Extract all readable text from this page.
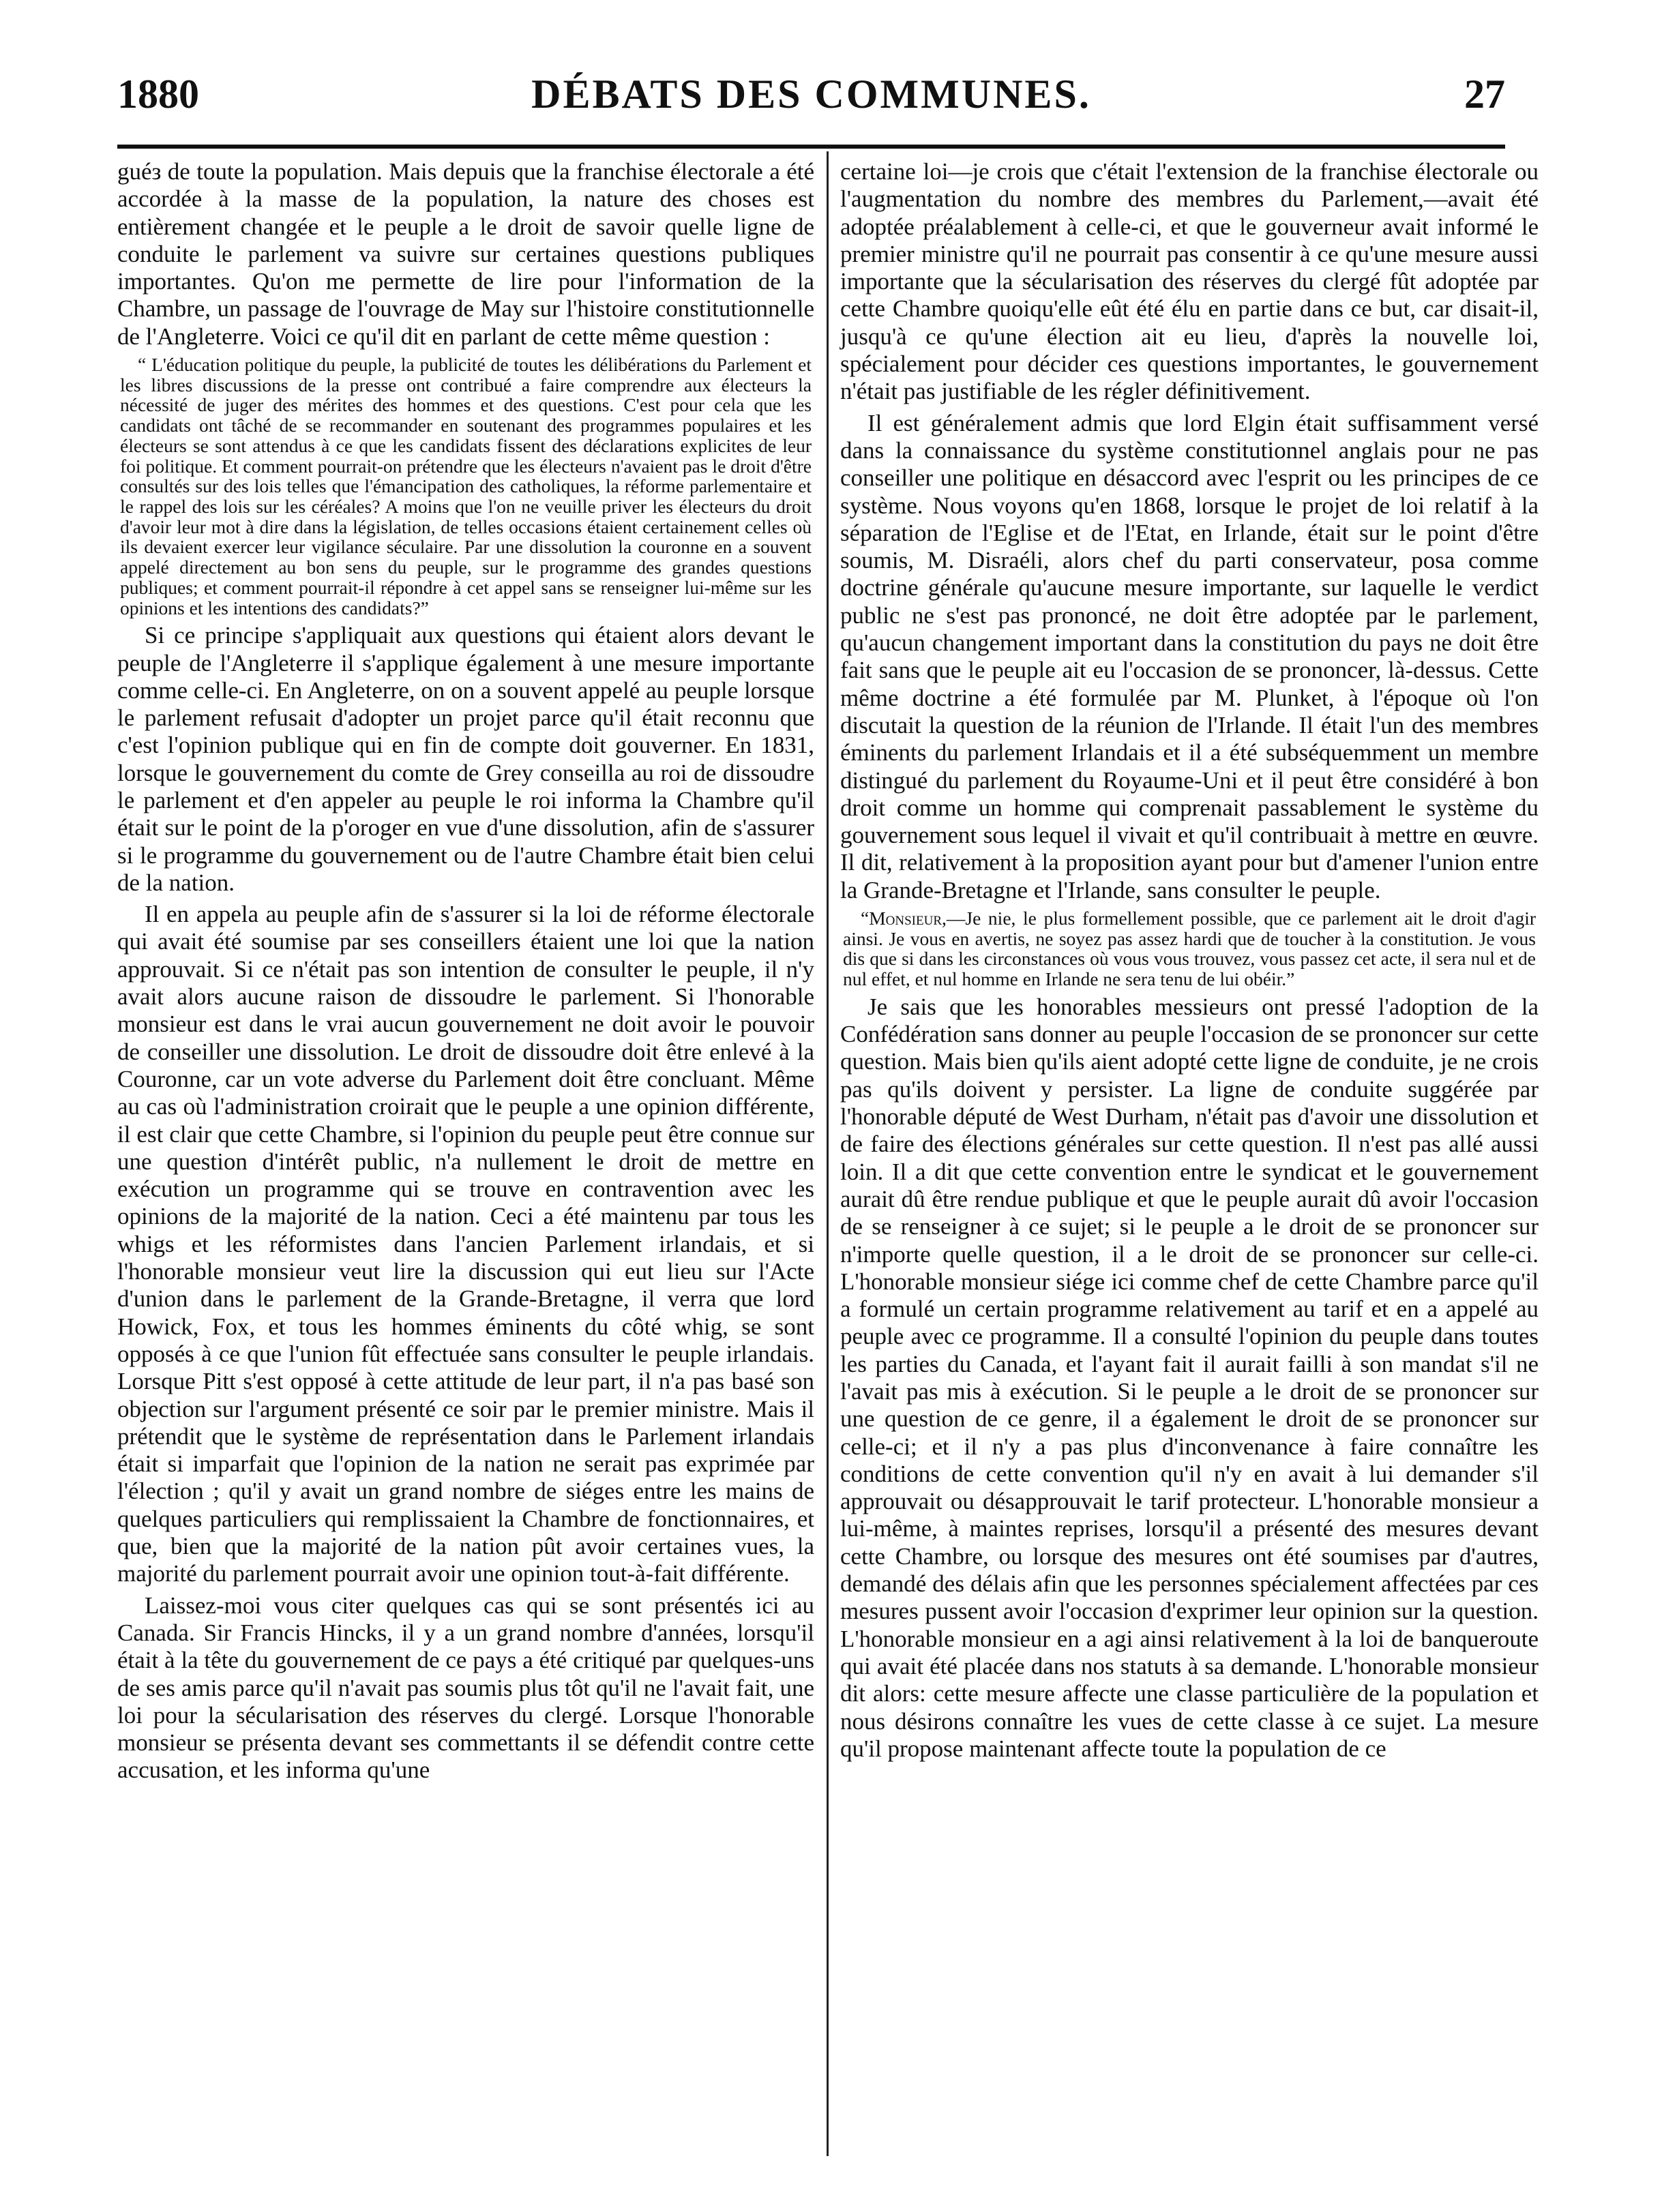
1880	DÉBATS DES COMMUNES.	27

guéз de toute la population. Mais depuis que la franchise électorale a été accordée à la masse de la population, la nature des choses est entièrement changée et le peuple a le droit de savoir quelle ligne de conduite le parlement va suivre sur certaines questions publiques importantes. Qu'on me permette de lire pour l'information de la Chambre, un passage de l'ouvrage de May sur l'histoire constitutionnelle de l'Angleterre. Voici ce qu'il dit en parlant de cette même question :

“ L'éducation politique du peuple, la publicité de toutes les délibérations du Parlement et les libres discussions de la presse ont contribué a faire comprendre aux électeurs la nécessité de juger des mérites des hommes et des questions. C'est pour cela que les candidats ont tâché de se recommander en soutenant des programmes populaires et les électeurs se sont attendus à ce que les candidats fissent des déclarations explicites de leur foi politique. Et comment pourrait-on prétendre que les électeurs n'avaient pas le droit d'être consultés sur des lois telles que l'émancipation des catholiques, la réforme parlementaire et le rappel des lois sur les céréales? A moins que l'on ne veuille priver les électeurs du droit d'avoir leur mot à dire dans la législation, de telles occasions étaient certainement celles où ils devaient exercer leur vigilance séculaire. Par une dissolution la couronne en a souvent appelé directement au bon sens du peuple, sur le programme des grandes questions publiques; et comment pourrait-il répondre à cet appel sans se renseigner lui-même sur les opinions et les intentions des candidats?”

Si ce principe s'appliquait aux questions qui étaient alors devant le peuple de l'Angleterre il s'applique également à une mesure importante comme celle-ci. En Angleterre, on on a souvent appelé au peuple lorsque le parlement refusait d'adopter un projet parce qu'il était reconnu que c'est l'opinion publique qui en fin de compte doit gouverner. En 1831, lorsque le gouvernement du comte de Grey conseilla au roi de dissoudre le parlement et d'en appeler au peuple le roi informa la Chambre qu'il était sur le point de la p'oroger en vue d'une dissolution, afin de s'assurer si le programme du gouvernement ou de l'autre Chambre était bien celui de la nation.

Il en appela au peuple afin de s'assurer si la loi de réforme électorale qui avait été soumise par ses conseillers étaient une loi que la nation approuvait. Si ce n'était pas son intention de consulter le peuple, il n'y avait alors aucune raison de dissoudre le parlement. Si l'honorable monsieur est dans le vrai aucun gouvernement ne doit avoir le pouvoir de conseiller une dissolution. Le droit de dissoudre doit être enlevé à la Couronne, car un vote adverse du Parlement doit être concluant. Même au cas où l'administration croirait que le peuple a une opinion différente, il est clair que cette Chambre, si l'opinion du peuple peut être connue sur une question d'intérêt public, n'a nullement le droit de mettre en exécution un programme qui se trouve en contravention avec les opinions de la majorité de la nation. Ceci a été maintenu par tous les whigs et les réformistes dans l'ancien Parlement irlandais, et si l'honorable monsieur veut lire la discussion qui eut lieu sur l'Acte d'union dans le parlement de la Grande-Bretagne, il verra que lord Howick, Fox, et tous les hommes éminents du côté whig, se sont opposés à ce que l'union fût effectuée sans consulter le peuple irlandais. Lorsque Pitt s'est opposé à cette attitude de leur part, il n'a pas basé son objection sur l'argument présenté ce soir par le premier ministre. Mais il prétendit que le système de représentation dans le Parlement irlandais était si imparfait que l'opinion de la nation ne serait pas exprimée par l'élection ; qu'il y avait un grand nombre de siéges entre les mains de quelques particuliers qui remplissaient la Chambre de fonctionnaires, et que, bien que la majorité de la nation pût avoir certaines vues, la majorité du parlement pourrait avoir une opinion tout-à-fait différente.

Laissez-moi vous citer quelques cas qui se sont présentés ici au Canada. Sir Francis Hincks, il y a un grand nombre d'années, lorsqu'il était à la tête du gouvernement de ce pays a été critiqué par quelques-uns de ses amis parce qu'il n'avait pas soumis plus tôt qu'il ne l'avait fait, une loi pour la sécularisation des réserves du clergé. Lorsque l'honorable monsieur se présenta devant ses commettants il se défendit contre cette accusation, et les informa qu'une

certaine loi—je crois que c'était l'extension de la franchise électorale ou l'augmentation du nombre des membres du Parlement,—avait été adoptée préalablement à celle-ci, et que le gouverneur avait informé le premier ministre qu'il ne pourrait pas consentir à ce qu'une mesure aussi importante que la sécularisation des réserves du clergé fût adoptée par cette Chambre quoiqu'elle eût été élu en partie dans ce but, car disait-il, jusqu'à ce qu'une élection ait eu lieu, d'après la nouvelle loi, spécialement pour décider ces questions importantes, le gouvernement n'était pas justifiable de les régler définitivement.

Il est généralement admis que lord Elgin était suffisamment versé dans la connaissance du système constitutionnel anglais pour ne pas conseiller une politique en désaccord avec l'esprit ou les principes de ce système. Nous voyons qu'en 1868, lorsque le projet de loi relatif à la séparation de l'Eglise et de l'Etat, en Irlande, était sur le point d'être soumis, M. Disraéli, alors chef du parti conservateur, posa comme doctrine générale qu'aucune mesure importante, sur laquelle le verdict public ne s'est pas prononcé, ne doit être adoptée par le parlement, qu'aucun changement important dans la constitution du pays ne doit être fait sans que le peuple ait eu l'occasion de se prononcer, là-dessus. Cette même doctrine a été formulée par M. Plunket, à l'époque où l'on discutait la question de la réunion de l'Irlande. Il était l'un des membres éminents du parlement Irlandais et il a été subséquemment un membre distingué du parlement du Royaume-Uni et il peut être considéré à bon droit comme un homme qui comprenait passablement le système du gouvernement sous lequel il vivait et qu'il contribuait à mettre en œuvre. Il dit, relativement à la proposition ayant pour but d'amener l'union entre la Grande-Bretagne et l'Irlande, sans consulter le peuple.

“Monsieur,—Je nie, le plus formellement possible, que ce parlement ait le droit d'agir ainsi. Je vous en avertis, ne soyez pas assez hardi que de toucher à la constitution. Je vous dis que si dans les circonstances où vous vous trouvez, vous passez cet acte, il sera nul et de nul effet, et nul homme en Irlande ne sera tenu de lui obéir.”

Je sais que les honorables messieurs ont pressé l'adoption de la Confédération sans donner au peuple l'occasion de se prononcer sur cette question. Mais bien qu'ils aient adopté cette ligne de conduite, je ne crois pas qu'ils doivent y persister. La ligne de conduite suggérée par l'honorable député de West Durham, n'était pas d'avoir une dissolution et de faire des élections générales sur cette question. Il n'est pas allé aussi loin. Il a dit que cette convention entre le syndicat et le gouvernement aurait dû être rendue publique et que le peuple aurait dû avoir l'occasion de se renseigner à ce sujet; si le peuple a le droit de se prononcer sur n'importe quelle question, il a le droit de se prononcer sur celle-ci. L'honorable monsieur siége ici comme chef de cette Chambre parce qu'il a formulé un certain programme relativement au tarif et en a appelé au peuple avec ce programme. Il a consulté l'opinion du peuple dans toutes les parties du Canada, et l'ayant fait il aurait failli à son mandat s'il ne l'avait pas mis à exécution. Si le peuple a le droit de se prononcer sur une question de ce genre, il a également le droit de se prononcer sur celle-ci; et il n'y a pas plus d'inconvenance à faire connaître les conditions de cette convention qu'il n'y en avait à lui demander s'il approuvait ou désapprouvait le tarif protecteur. L'honorable monsieur a lui-même, à maintes reprises, lorsqu'il a présenté des mesures devant cette Chambre, ou lorsque des mesures ont été soumises par d'autres, demandé des délais afin que les personnes spécialement affectées par ces mesures pussent avoir l'occasion d'exprimer leur opinion sur la question. L'honorable monsieur en a agi ainsi relativement à la loi de banqueroute qui avait été placée dans nos statuts à sa demande. L'honorable monsieur dit alors: cette mesure affecte une classe particulière de la population et nous désirons connaître les vues de cette classe à ce sujet. La mesure qu'il propose maintenant affecte toute la population de ce
